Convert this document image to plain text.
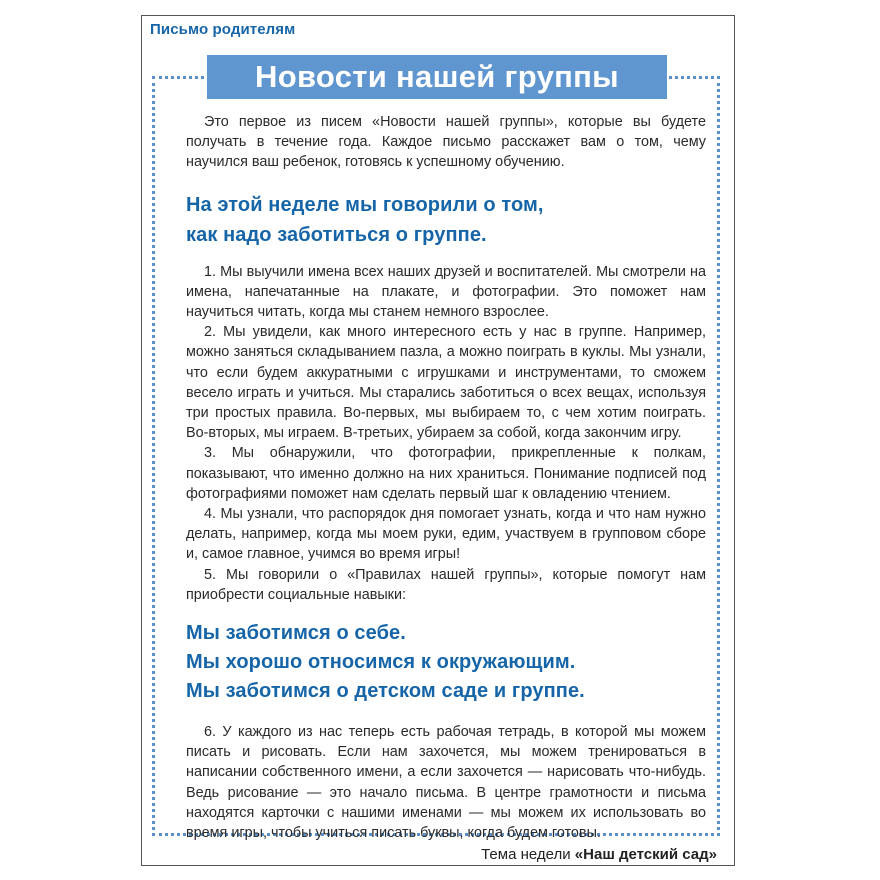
Письмо родителям
Новости нашей группы

Это первое из писем «Новости нашей группы», которые вы будете получать в течение года. Каждое письмо расскажет вам о том, чему научился ваш ребенок, готовясь к успешному обучению.

На этой неделе мы говорили о том,
как надо заботиться о группе.

1. Мы выучили имена всех наших друзей и воспитателей. Мы смотрели на имена, напечатанные на плакате, и фотографии. Это поможет нам научиться читать, когда мы станем немного взрослее.

2. Мы увидели, как много интересного есть у нас в группе. Например, можно заняться складыванием пазла, а можно поиграть в куклы. Мы узнали, что если будем аккуратными с игрушками и инструментами, то сможем весело играть и учиться. Мы старались заботиться о всех вещах, используя три простых правила. Во-первых, мы выбираем то, с чем хотим поиграть. Во-вторых, мы играем. В-третьих, убираем за собой, когда закончим игру.

3. Мы обнаружили, что фотографии, прикрепленные к полкам, показывают, что именно должно на них храниться. Понимание подписей под фотографиями поможет нам сделать первый шаг к овладению чтением.

4. Мы узнали, что распорядок дня помогает узнать, когда и что нам нужно делать, например, когда мы моем руки, едим, участвуем в групповом сборе и, самое главное, учимся во время игры!

5. Мы говорили о «Правилах нашей группы», которые помогут нам приобрести социальные навыки:

Мы заботимся о себе.
Мы хорошо относимся к окружающим.
Мы заботимся о детском саде и группе.

6. У каждого из нас теперь есть рабочая тетрадь, в которой мы можем писать и рисовать. Если нам захочется, мы можем тренироваться в написании собственного имени, а если захочется — нарисовать что-нибудь. Ведь рисование — это начало письма. В центре грамотности и письма находятся карточки с нашими именами — мы можем их использовать во время игры, чтобы учиться писать буквы, когда будем готовы.

Тема недели «Наш детский сад»
